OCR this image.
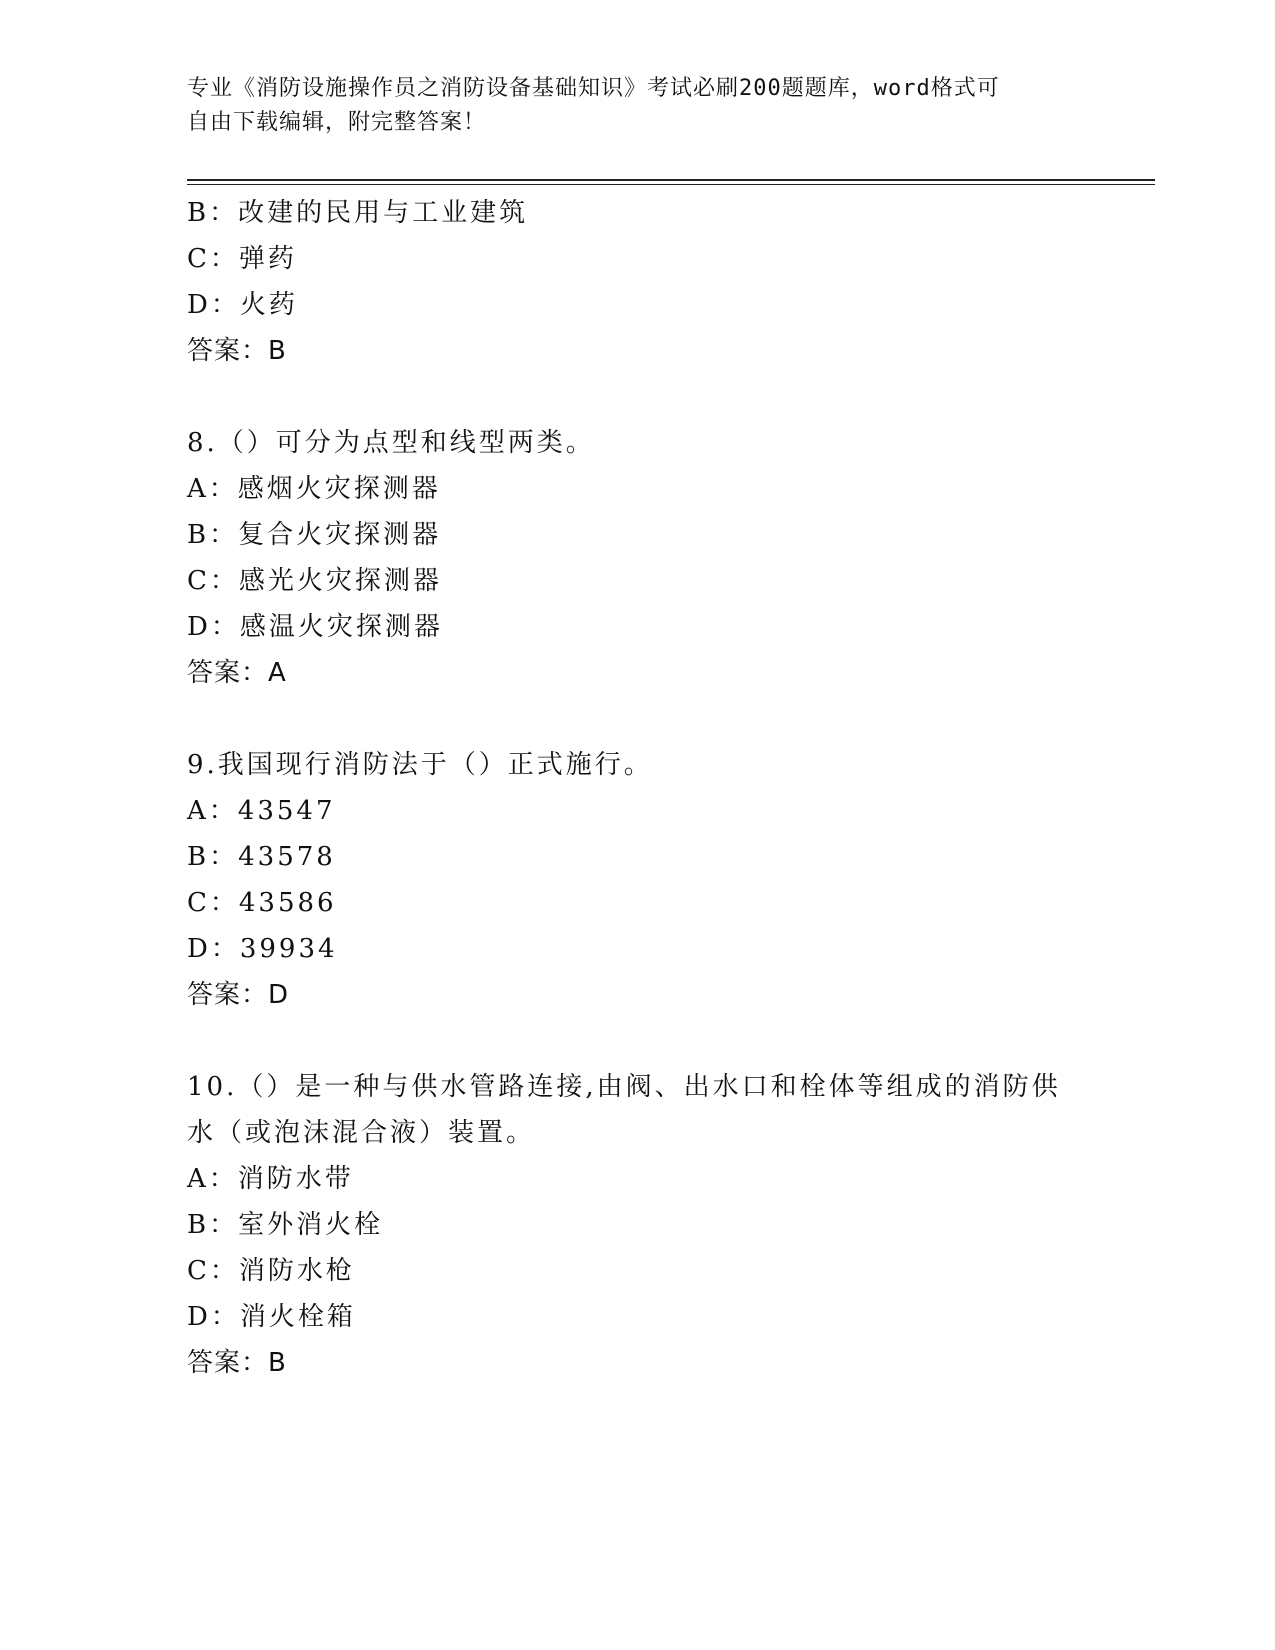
专业《消防设施操作员之消防设备基础知识》考试必刷200题题库，word格式可
自由下载编辑，附完整答案！
B：改建的民用与工业建筑
C：弹药
D：火药
答案：B
8.（）可分为点型和线型两类。
A：感烟火灾探测器
B：复合火灾探测器
C：感光火灾探测器
D：感温火灾探测器
答案：A
9.我国现行消防法于（）正式施行。
A：43547
B：43578
C：43586
D：39934
答案：D
10.（）是一种与供水管路连接,由阀、出水口和栓体等组成的消防供
水（或泡沫混合液）装置。
A：消防水带
B：室外消火栓
C：消防水枪
D：消火栓箱
答案：B
